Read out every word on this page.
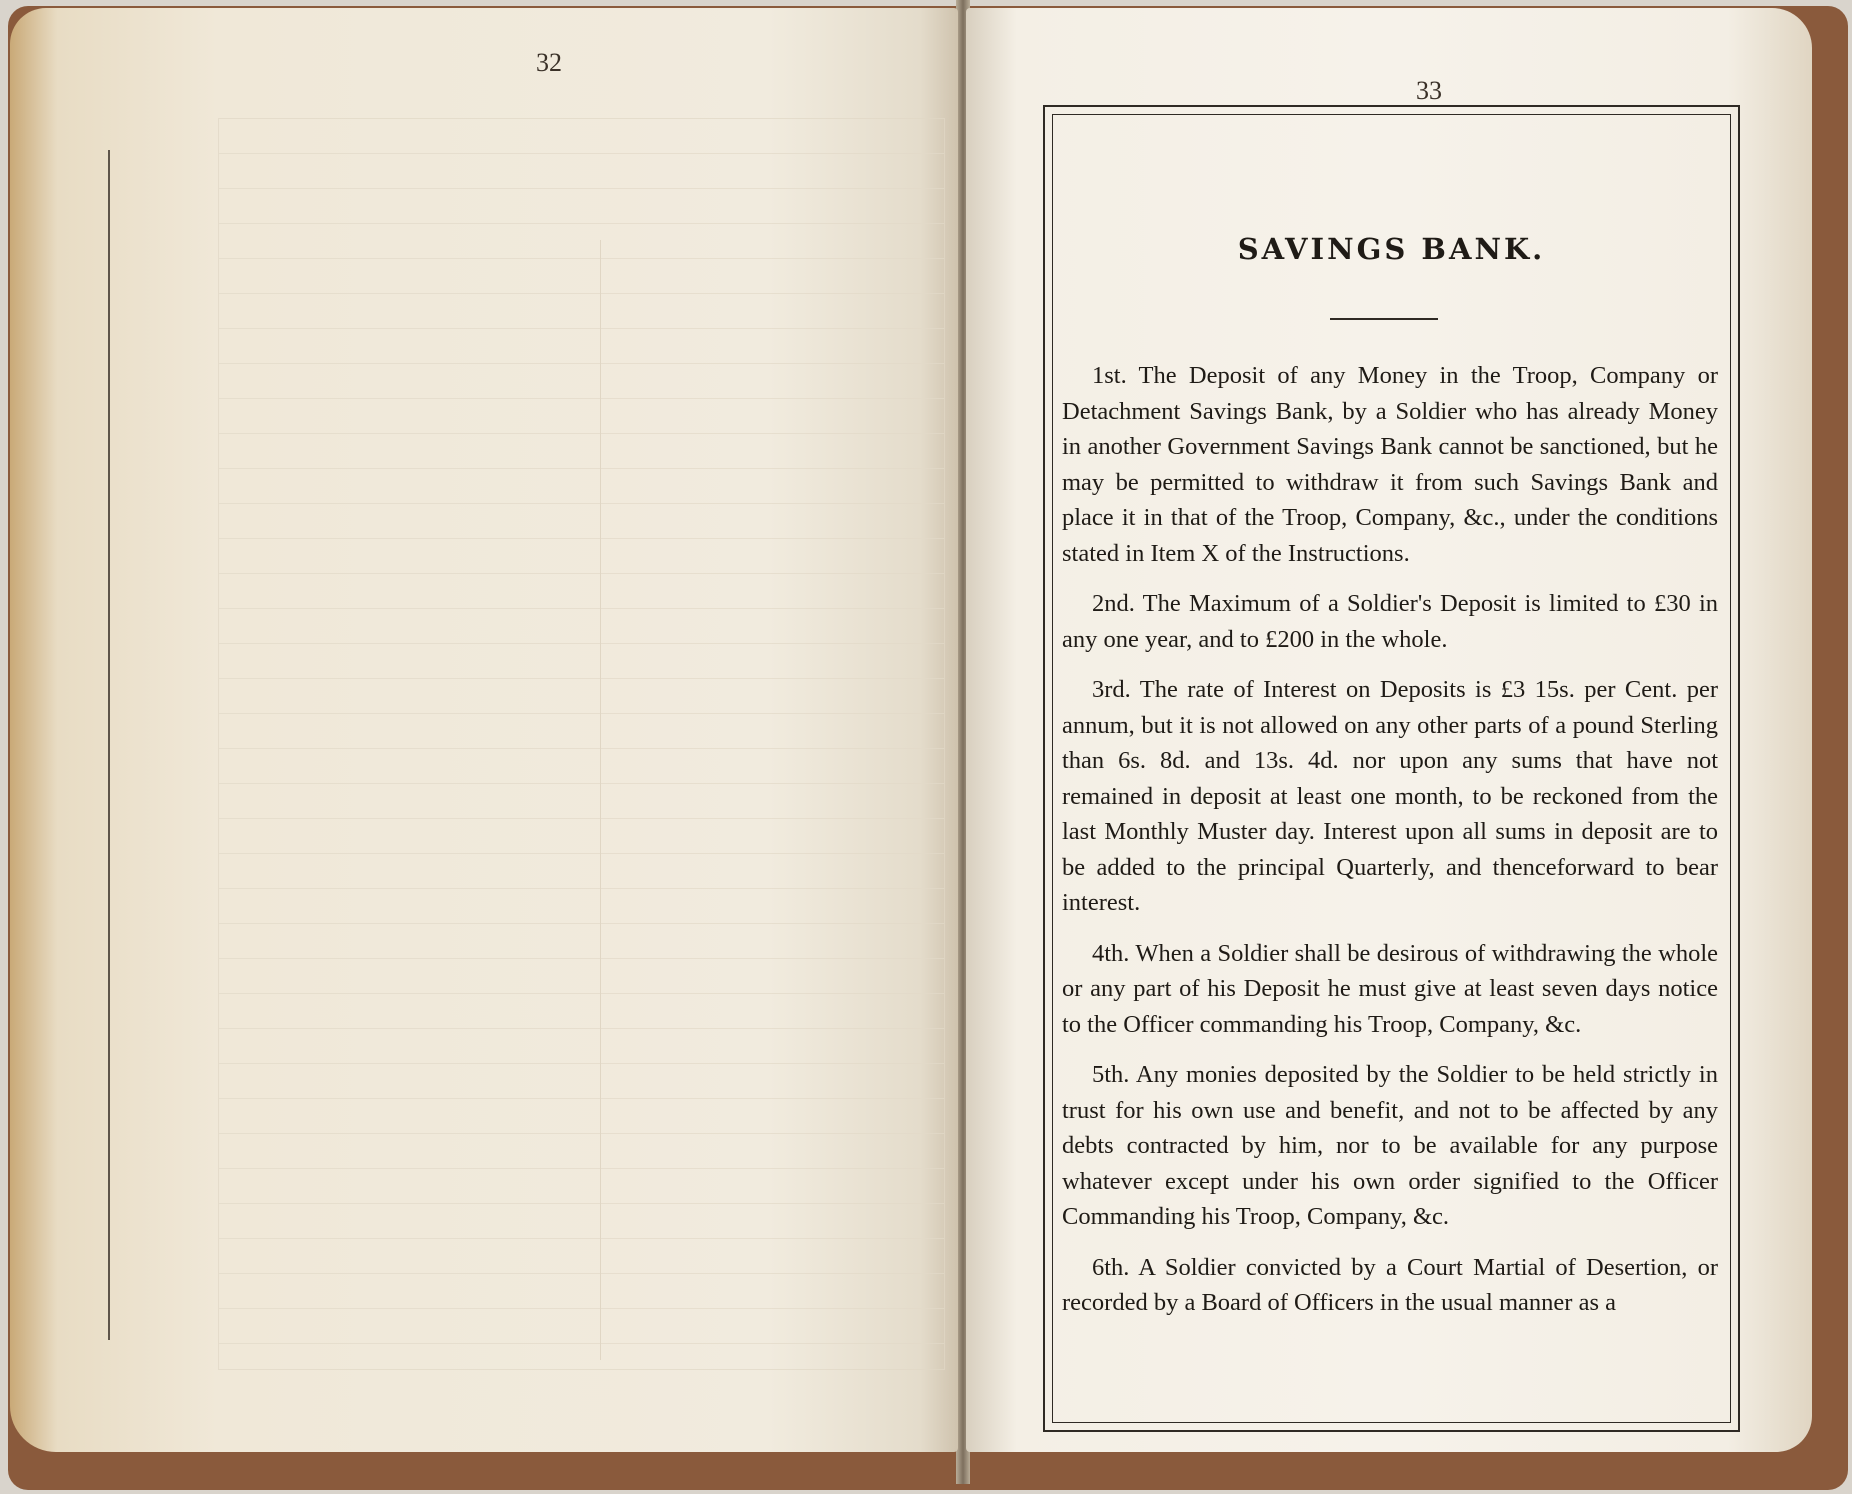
32
33
SAVINGS BANK.

1st. The Deposit of any Money in the Troop, Company or Detachment Savings Bank, by a Soldier who has already Money in another Government Savings Bank cannot be sanctioned, but he may be permitted to withdraw it from such Savings Bank and place it in that of the Troop, Company, &c., under the conditions stated in Item X of the Instructions.

2nd. The Maximum of a Soldier's Deposit is limited to £30 in any one year, and to £200 in the whole.

3rd. The rate of Interest on Deposits is £3 15s. per Cent. per annum, but it is not allowed on any other parts of a pound Sterling than 6s. 8d. and 13s. 4d. nor upon any sums that have not remained in deposit at least one month, to be reckoned from the last Monthly Muster day. Interest upon all sums in deposit are to be added to the principal Quarterly, and thenceforward to bear interest.

4th. When a Soldier shall be desirous of withdrawing the whole or any part of his Deposit he must give at least seven days notice to the Officer commanding his Troop, Company, &c.

5th. Any monies deposited by the Soldier to be held strictly in trust for his own use and benefit, and not to be affected by any debts contracted by him, nor to be available for any purpose whatever except under his own order signified to the Officer Commanding his Troop, Company, &c.

6th. A Soldier convicted by a Court Martial of Desertion, or recorded by a Board of Officers in the usual manner as a
